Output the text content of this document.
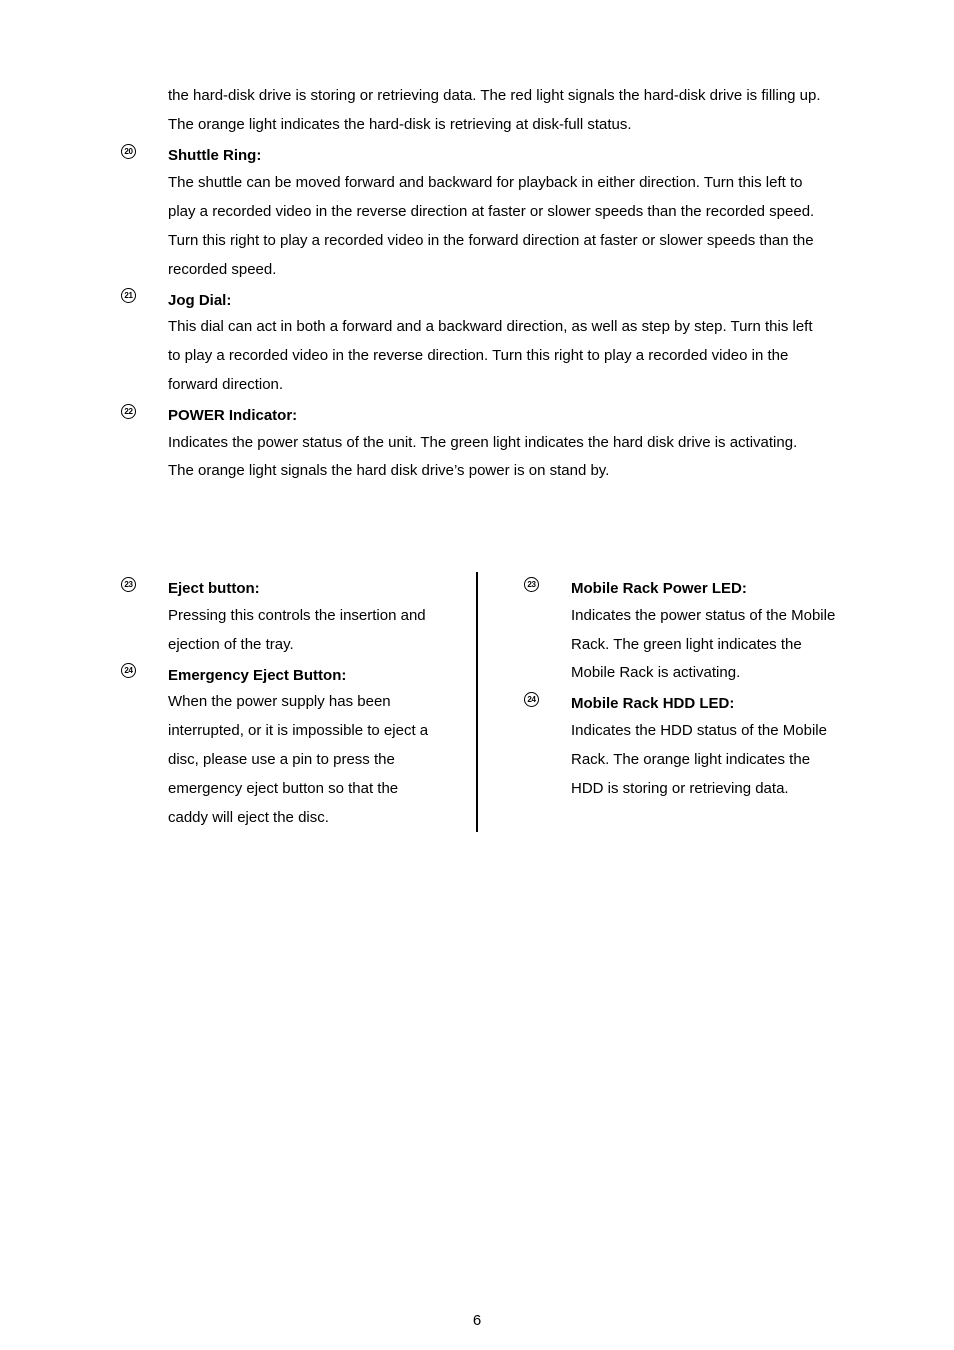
the hard-disk drive is storing or retrieving data. The red light signals the hard-disk drive is filling up.
The orange light indicates the hard-disk is retrieving at disk-full status.
20 Shuttle Ring:
The shuttle can be moved forward and backward for playback in either direction. Turn this left to
play a recorded video in the reverse direction at faster or slower speeds than the recorded speed.
Turn this right to play a recorded video in the forward direction at faster or slower speeds than the
recorded speed.
21 Jog Dial:
This dial can act in both a forward and a backward direction, as well as step by step. Turn this left
to play a recorded video in the reverse direction. Turn this right to play a recorded video in the
forward direction.
22 POWER Indicator:
Indicates the power status of the unit. The green light indicates the hard disk drive is activating.
The orange light signals the hard disk drive’s power is on stand by.
23 Eject button:
Pressing this controls the insertion and
ejection of the tray.
24 Emergency Eject Button:
When the power supply has been
interrupted, or it is impossible to eject a
disc, please use a pin to press the
emergency eject button so that the
caddy will eject the disc.
23 Mobile Rack Power LED:
Indicates the power status of the Mobile
Rack. The green light indicates the
Mobile Rack is activating.
24 Mobile Rack HDD LED:
Indicates the HDD status of the Mobile
Rack. The orange light indicates the
HDD is storing or retrieving data.
6
